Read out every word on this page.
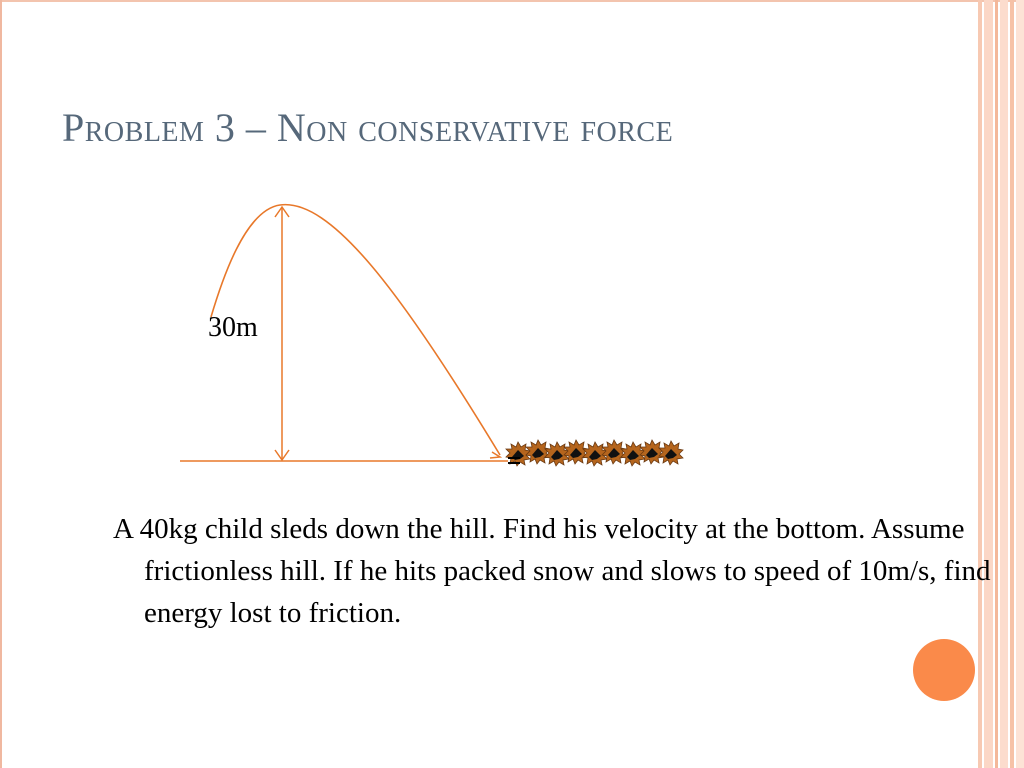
Problem 3 – Non conservative force
30m

A 40kg child sleds down the hill. Find his velocity at the bottom. Assume frictionless hill. If he hits packed snow and slows to speed of 10m/s, find energy lost to friction.
